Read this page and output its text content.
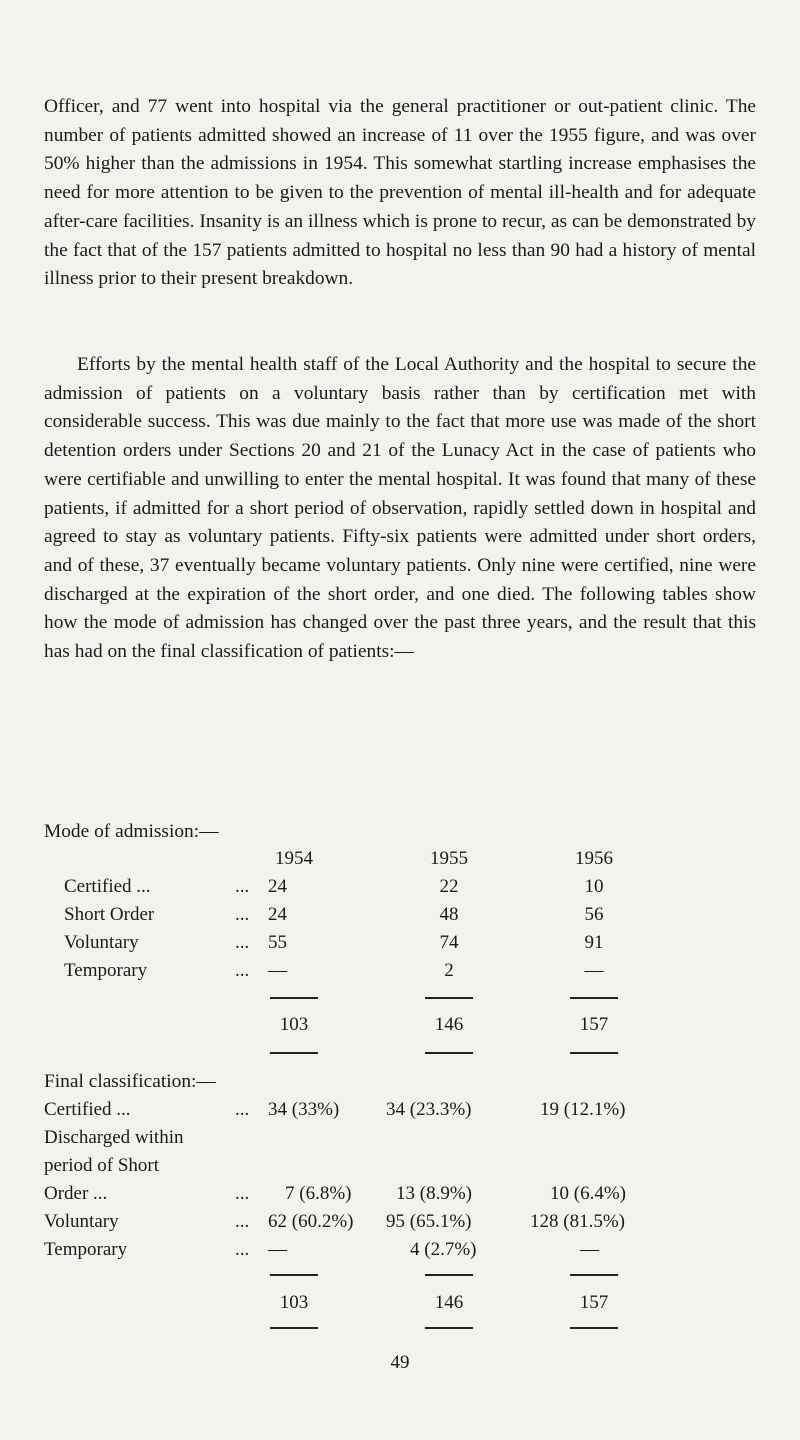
Officer, and 77 went into hospital via the general practitioner or out-patient clinic. The number of patients admitted showed an increase of 11 over the 1955 figure, and was over 50% higher than the admissions in 1954. This somewhat startling increase emphasises the need for more attention to be given to the prevention of mental ill-health and for adequate after-care facilities. Insanity is an illness which is prone to recur, as can be demonstrated by the fact that of the 157 patients admitted to hospital no less than 90 had a history of mental illness prior to their present breakdown.

Efforts by the mental health staff of the Local Authority and the hospital to secure the admission of patients on a voluntary basis rather than by certification met with considerable success. This was due mainly to the fact that more use was made of the short detention orders under Sections 20 and 21 of the Lunacy Act in the case of patients who were certifiable and unwilling to enter the mental hospital. It was found that many of these patients, if admitted for a short period of observation, rapidly settled down in hospital and agreed to stay as voluntary patients. Fifty-six patients were admitted under short orders, and of these, 37 eventually became voluntary patients. Only nine were certified, nine were discharged at the expiration of the short order, and one died. The following tables show how the mode of admission has changed over the past three years, and the result that this has had on the final classification of patients:—

Mode of admission:—

1954	1955	1956
Certified ...	... 24	22	10
Short Order	... 24	48	56
Voluntary	... 55	74	91
Temporary	... —	2	—
103	146	157

Final classification:—

Certified ...	... 34 (33%) 34 (23.3%)	19 (12.1%)
Discharged within
period of Short
Order ...	... 7 (6.8%) 13 (8.9%)	10 (6.4%)
Voluntary	... 62 (60.2%) 95 (65.1%)	128 (81.5%)
Temporary	... —	4 (2.7%)	—
103	146	157
49
